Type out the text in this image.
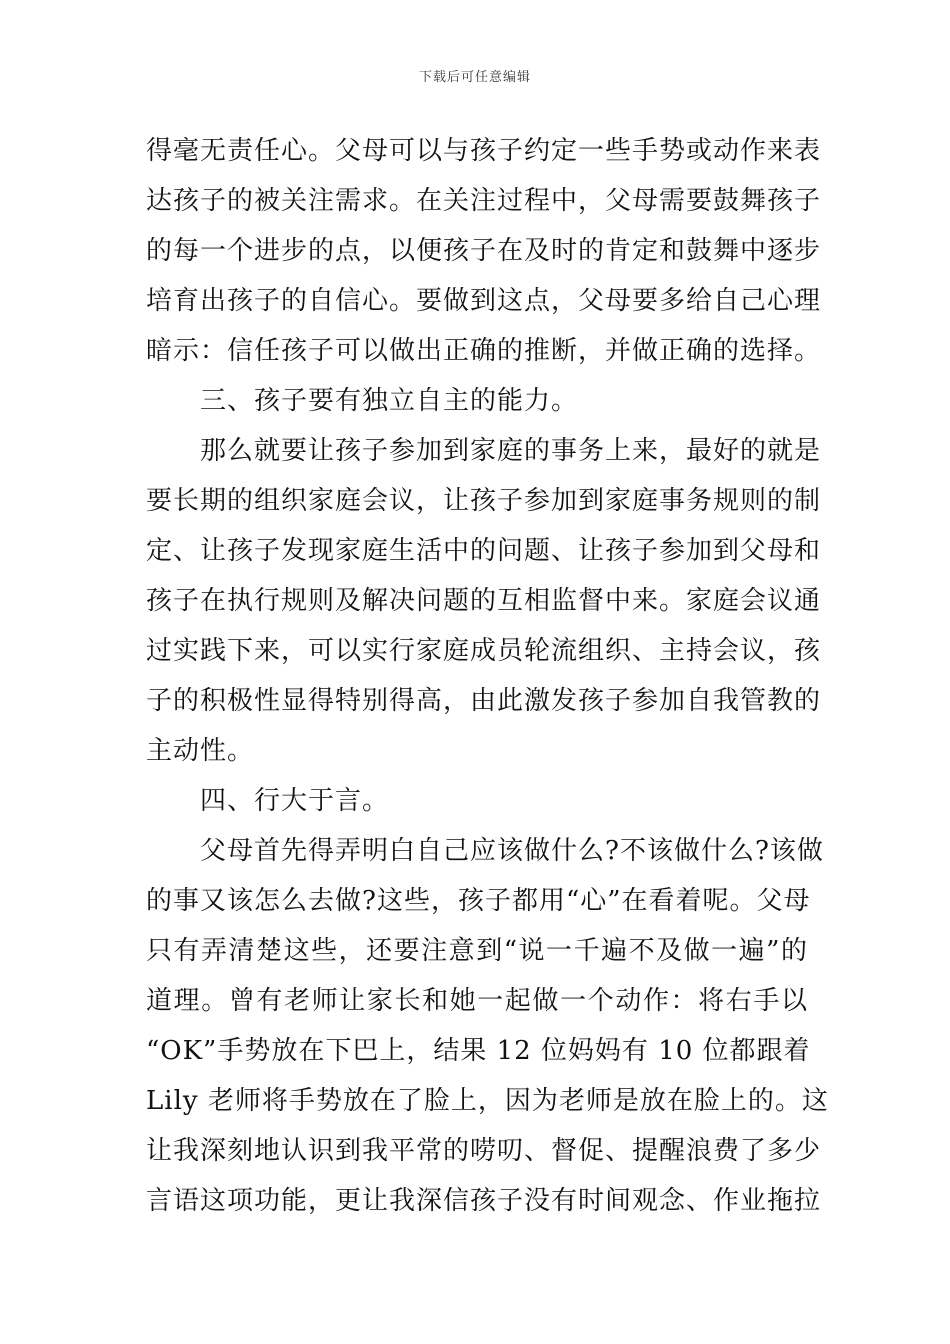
下载后可任意编辑
得毫无责任心。父母可以与孩子约定一些手势或动作来表
达孩子的被关注需求。在关注过程中，父母需要鼓舞孩子
的每一个进步的点，以便孩子在及时的肯定和鼓舞中逐步
培育出孩子的自信心。要做到这点，父母要多给自己心理
暗示：信任孩子可以做出正确的推断，并做正确的选择。
　　三、孩子要有独立自主的能力。
　　那么就要让孩子参加到家庭的事务上来，最好的就是
要长期的组织家庭会议，让孩子参加到家庭事务规则的制
定、让孩子发现家庭生活中的问题、让孩子参加到父母和
孩子在执行规则及解决问题的互相监督中来。家庭会议通
过实践下来，可以实行家庭成员轮流组织、主持会议，孩
子的积极性显得特别得高，由此激发孩子参加自我管教的
主动性。
　　四、行大于言。
　　父母首先得弄明白自己应该做什么?不该做什么?该做
的事又该怎么去做?这些，孩子都用“心”在看着呢。父母
只有弄清楚这些，还要注意到“说一千遍不及做一遍”的
道理。曾有老师让家长和她一起做一个动作：将右手以
“OK”手势放在下巴上，结果 12 位妈妈有 10 位都跟着
Lily 老师将手势放在了脸上，因为老师是放在脸上的。这
让我深刻地认识到我平常的唠叨、督促、提醒浪费了多少
言语这项功能，更让我深信孩子没有时间观念、作业拖拉
